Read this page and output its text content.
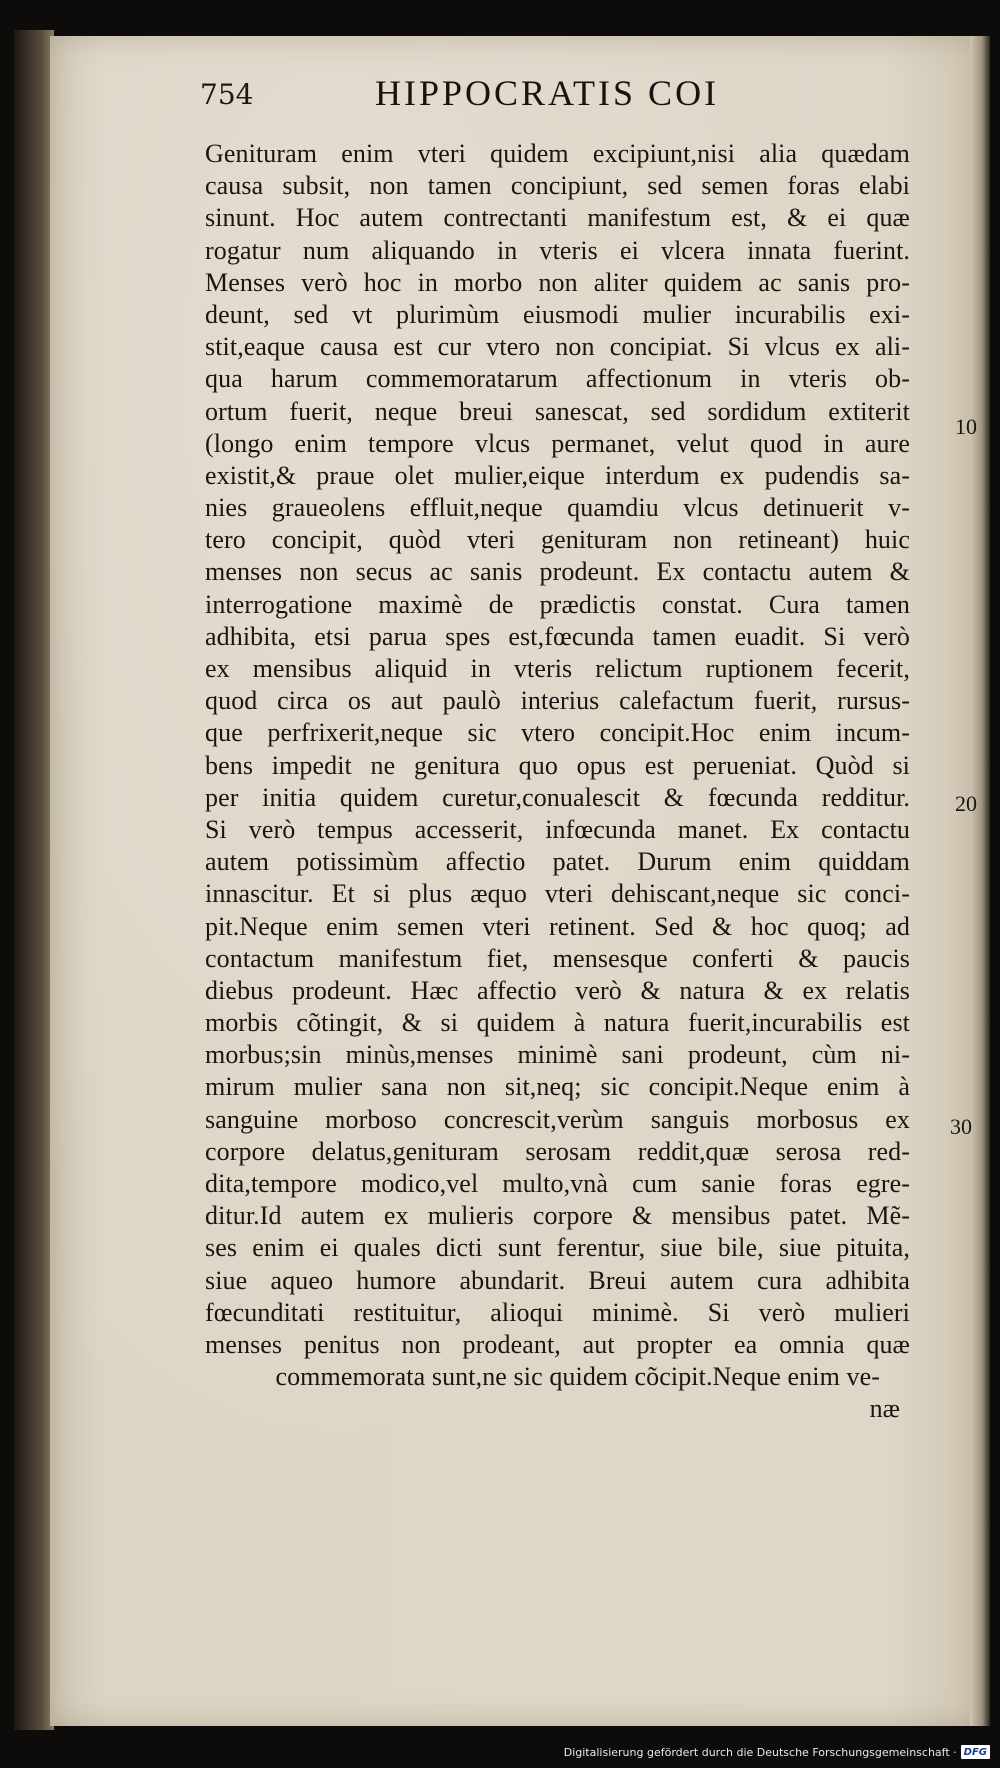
754	HIPPOCRATIS COI
Genituram enim vteri quidem excipiunt,nisi alia quædam
causa subsit, non tamen concipiunt, sed semen foras elabi
sinunt. Hoc autem contrectanti manifestum est, & ei quæ
rogatur num aliquando in vteris ei vlcera innata fuerint.
Menses verò hoc in morbo non aliter quidem ac sanis pro-
deunt, sed vt plurimùm eiusmodi mulier incurabilis exi-
stit,eaque causa est cur vtero non concipiat. Si vlcus ex ali-
qua harum commemoratarum affectionum in vteris ob-
ortum fuerit, neque breui sanescat, sed sordidum extiterit
(longo enim tempore vlcus permanet, velut quod in aure
existit,& praue olet mulier,eique interdum ex pudendis sa-
nies graueolens effluit,neque quamdiu vlcus detinuerit v-
tero concipit, quòd vteri genituram non retineant) huic
menses non secus ac sanis prodeunt. Ex contactu autem &
interrogatione maximè de prædictis constat. Cura tamen
adhibita, etsi parua spes est,fœcunda tamen euadit. Si verò
ex mensibus aliquid in vteris relictum ruptionem fecerit,
quod circa os aut paulò interius calefactum fuerit, rursus-
que perfrixerit,neque sic vtero concipit.Hoc enim incum-
bens impedit ne genitura quo opus est perueniat. Quòd si
per initia quidem curetur,conualescit & fœcunda redditur.
Si verò tempus accesserit, infœcunda manet. Ex contactu
autem potissimùm affectio patet. Durum enim quiddam
innascitur. Et si plus æquo vteri dehiscant,neque sic conci-
pit.Neque enim semen vteri retinent. Sed & hoc quoq; ad
contactum manifestum fiet, mensesque conferti & paucis
diebus prodeunt. Hæc affectio verò & natura & ex relatis
morbis cõtingit, & si quidem à natura fuerit,incurabilis est
morbus;sin minùs,menses minimè sani prodeunt, cùm ni-
mirum mulier sana non sit,neq; sic concipit.Neque enim à
sanguine morboso concrescit,verùm sanguis morbosus ex
corpore delatus,genituram serosam reddit,quæ serosa red-
dita,tempore modico,vel multo,vnà cum sanie foras egre-
ditur.Id autem ex mulieris corpore & mensibus patet. Mẽ-
ses enim ei quales dicti sunt ferentur, siue bile, siue pituita,
siue aqueo humore abundarit. Breui autem cura adhibita
fœcunditati restituitur, alioqui minimè. Si verò mulieri
menses penitus non prodeant, aut propter ea omnia quæ
commemorata sunt,ne sic quidem cõcipit.Neque enim ve-
næ
10
20
30
Digitalisierung gefördert durch die Deutsche Forschungsgemeinschaft · DFG
